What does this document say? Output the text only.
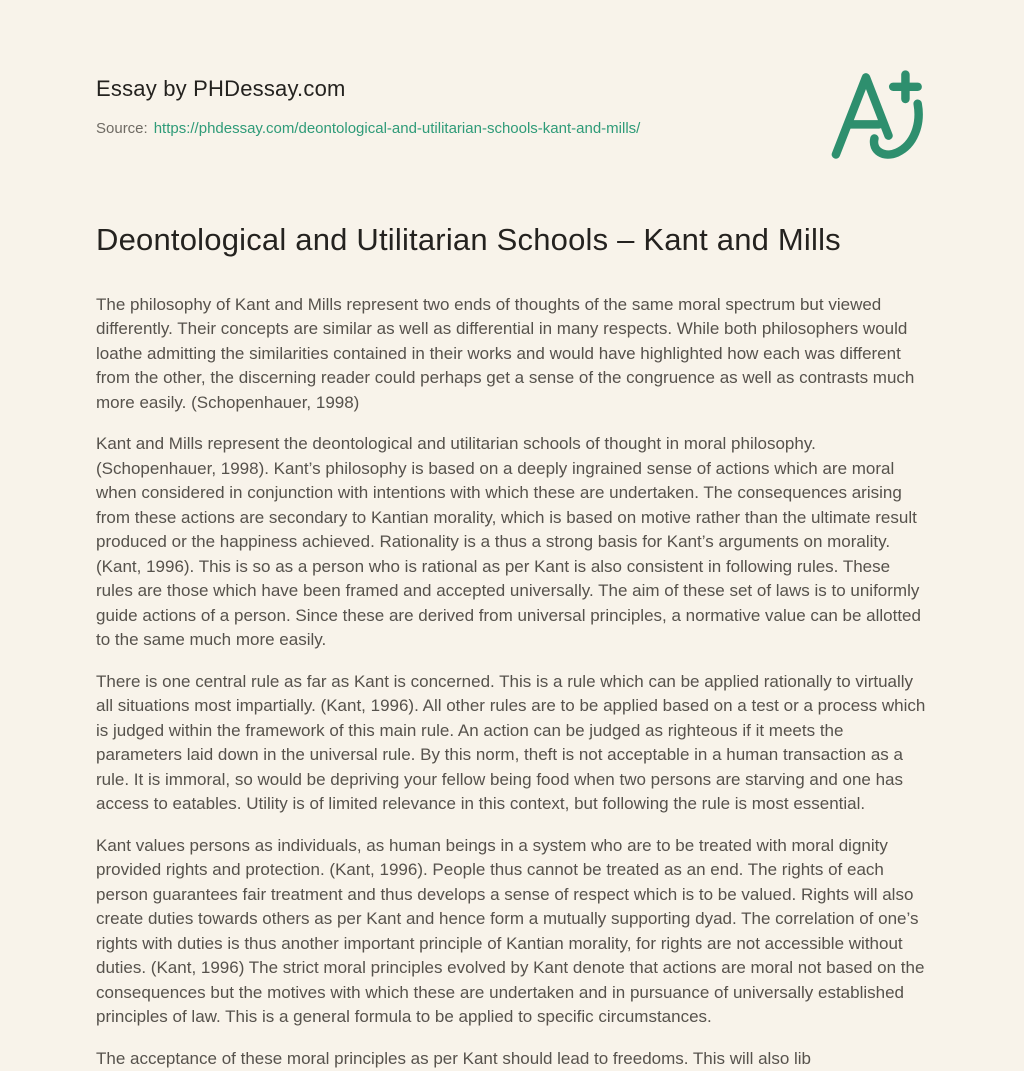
Essay by PHDessay.com
Source: https://phdessay.com/deontological-and-utilitarian-schools-kant-and-mills/
Deontological and Utilitarian Schools – Kant and Mills

The philosophy of Kant and Mills represent two ends of thoughts of the same moral spectrum but viewed differently. Their concepts are similar as well as differential in many respects. While both philosophers would loathe admitting the similarities contained in their works and would have highlighted how each was different from the other, the discerning reader could perhaps get a sense of the congruence as well as contrasts much more easily. (Schopenhauer, 1998)

Kant and Mills represent the deontological and utilitarian schools of thought in moral philosophy. (Schopenhauer, 1998). Kant’s philosophy is based on a deeply ingrained sense of actions which are moral when considered in conjunction with intentions with which these are undertaken. The consequences arising from these actions are secondary to Kantian morality, which is based on motive rather than the ultimate result produced or the happiness achieved. Rationality is a thus a strong basis for Kant’s arguments on morality. (Kant, 1996). This is so as a person who is rational as per Kant is also consistent in following rules. These rules are those which have been framed and accepted universally. The aim of these set of laws is to uniformly guide actions of a person. Since these are derived from universal principles, a normative value can be allotted to the same much more easily.

There is one central rule as far as Kant is concerned. This is a rule which can be applied rationally to virtually all situations most impartially. (Kant, 1996). All other rules are to be applied based on a test or a process which is judged within the framework of this main rule. An action can be judged as righteous if it meets the parameters laid down in the universal rule. By this norm, theft is not acceptable in a human transaction as a rule. It is immoral, so would be depriving your fellow being food when two persons are starving and one has access to eatables. Utility is of limited relevance in this context, but following the rule is most essential.

Kant values persons as individuals, as human beings in a system who are to be treated with moral dignity provided rights and protection. (Kant, 1996). People thus cannot be treated as an end. The rights of each person guarantees fair treatment and thus develops a sense of respect which is to be valued. Rights will also create duties towards others as per Kant and hence form a mutually supporting dyad. The correlation of one’s rights with duties is thus another important principle of Kantian morality, for rights are not accessible without duties. (Kant, 1996) The strict moral principles evolved by Kant denote that actions are moral not based on the consequences but the motives with which these are undertaken and in pursuance of universally established principles of law. This is a general formula to be applied to specific circumstances.

The acceptance of these moral principles as per Kant should lead to freedoms. This will also lib
